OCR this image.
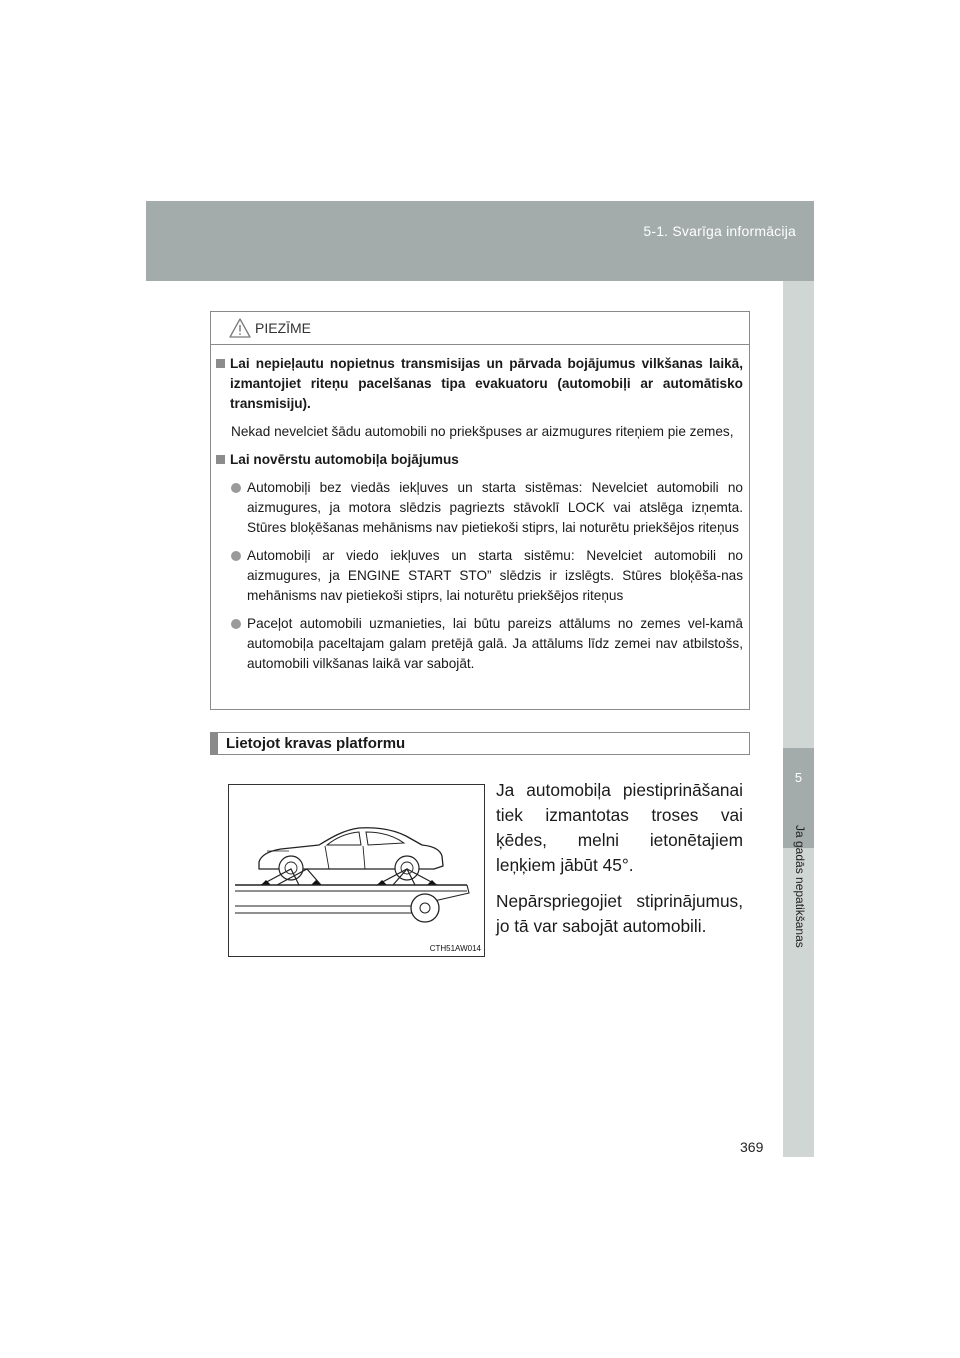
5-1. Svarīga informācija
5
Ja gadās nepatikšanas
PIEZĪME
Lai nepieļautu nopietnus transmisijas un pārvada bojājumus vilkšanas laikā, izmantojiet riteņu pacelšanas tipa evakuatoru (automobiļi ar automātisko transmisiju).
Nekad nevelciet šādu automobili no priekšpuses ar aizmugures riteņiem pie zemes,
Lai novērstu automobiļa bojājumus
Automobiļi bez viedās iekļuves un starta sistēmas: Nevelciet automobili no aizmugures, ja motora slēdzis pagriezts stāvoklī LOCK vai atslēga izņemta. Stūres bloķēšanas mehānisms nav pietiekoši stiprs, lai noturētu priekšējos riteņus
Automobiļi ar viedo iekļuves un starta sistēmu: Nevelciet automobili no aizmugures, ja ENGINE START STO” slēdzis ir izslēgts. Stūres bloķēša-nas mehānisms nav pietiekoši stiprs, lai noturētu priekšējos riteņus
Paceļot automobili uzmanieties, lai būtu pareizs attālums no zemes vel-kamā automobiļa paceltajam galam pretējā galā. Ja attālums līdz zemei nav atbilstošs, automobili vilkšanas laikā var sabojāt.
Lietojot kravas platformu
CTH51AW014

Ja automobiļa piestiprināšanai tiek izmantotas troses vai ķēdes, melni ietonētajiem leņķiem jābūt 45°.

Nepārspriegojiet stiprinājumus, jo tā var sabojāt automobili.

369
